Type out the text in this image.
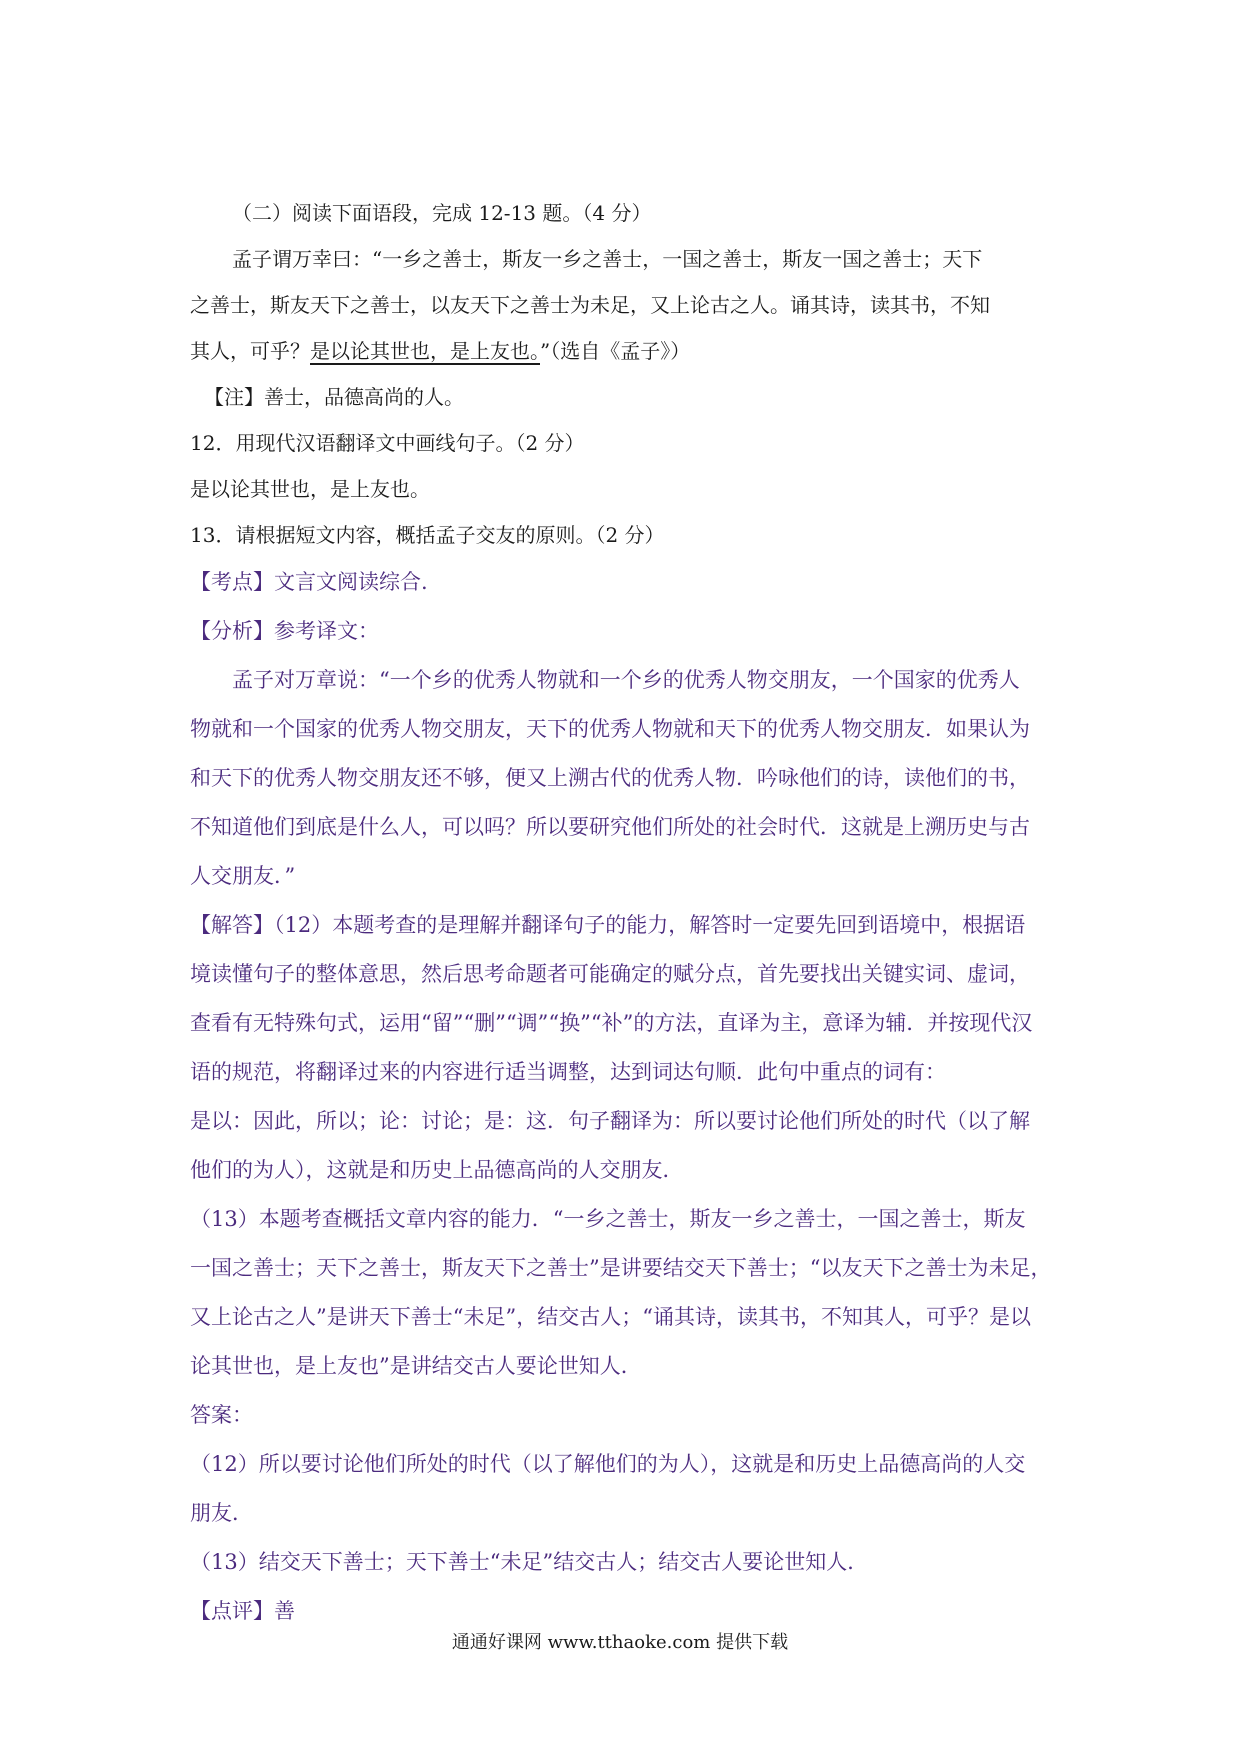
（二）阅读下面语段，完成 12-13 题。（4 分）
孟子谓万幸曰：“一乡之善士，斯友一乡之善士，一国之善士，斯友一国之善士；天下
之善士，斯友天下之善士，以友天下之善士为未足，又上论古之人。诵其诗，读其书，不知
其人，可乎？是以论其世也，是上友也。”（选自《孟子》）
【注】善士，品德高尚的人。
12．用现代汉语翻译文中画线句子。（2 分）
是以论其世也，是上友也。
13．请根据短文内容，概括孟子交友的原则。（2 分）
【考点】文言文阅读综合.
【分析】参考译文：
孟子对万章说：“一个乡的优秀人物就和一个乡的优秀人物交朋友，一个国家的优秀人
物就和一个国家的优秀人物交朋友，天下的优秀人物就和天下的优秀人物交朋友．如果认为
和天下的优秀人物交朋友还不够，便又上溯古代的优秀人物．吟咏他们的诗，读他们的书，
不知道他们到底是什么人，可以吗？所以要研究他们所处的社会时代．这就是上溯历史与古
人交朋友．”
【解答】（12）本题考查的是理解并翻译句子的能力，解答时一定要先回到语境中，根据语
境读懂句子的整体意思，然后思考命题者可能确定的赋分点，首先要找出关键实词、虚词，
查看有无特殊句式，运用“留”“删”“调”“换”“补”的方法，直译为主，意译为辅．并按现代汉
语的规范，将翻译过来的内容进行适当调整，达到词达句顺．此句中重点的词有：
是以：因此，所以；论：讨论；是：这．句子翻译为：所以要讨论他们所处的时代（以了解
他们的为人），这就是和历史上品德高尚的人交朋友．
（13）本题考查概括文章内容的能力．“一乡之善士，斯友一乡之善士，一国之善士，斯友
一国之善士；天下之善士，斯友天下之善士”是讲要结交天下善士；“以友天下之善士为未足，
又上论古之人”是讲天下善士“未足”，结交古人；“诵其诗，读其书，不知其人，可乎？是以
论其世也，是上友也”是讲结交古人要论世知人．
答案：
（12）所以要讨论他们所处的时代（以了解他们的为人），这就是和历史上品德高尚的人交
朋友．
（13）结交天下善士；天下善士“未足”结交古人；结交古人要论世知人．
【点评】善
通通好课网 www.tthaoke.com 提供下载
